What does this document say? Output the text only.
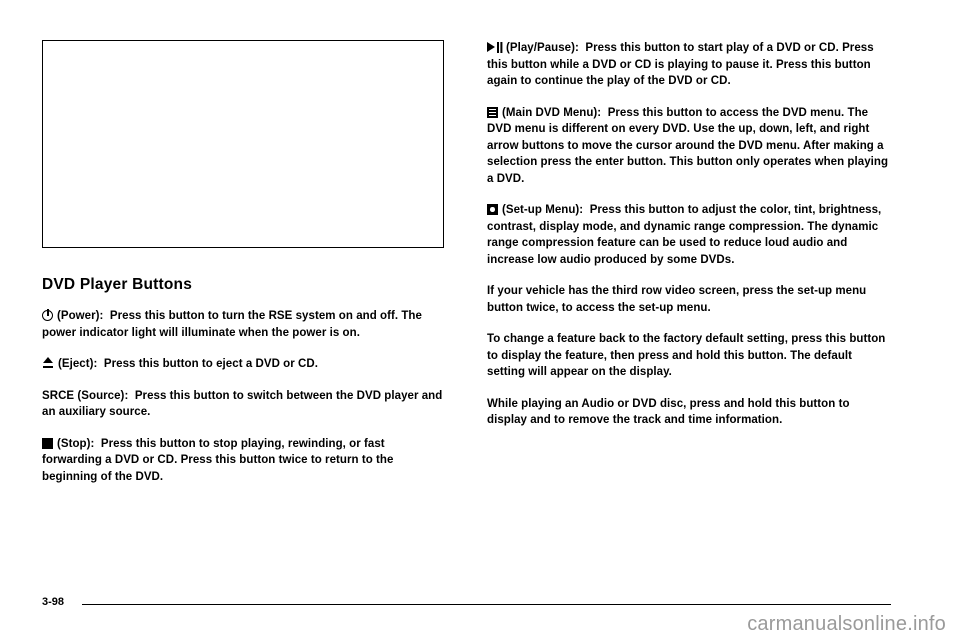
DVD Player Buttons

(Power): Press this button to turn the RSE system on and off. The power indicator light will illuminate when the power is on.

(Eject): Press this button to eject a DVD or CD.

SRCE (Source): Press this button to switch between the DVD player and an auxiliary source.

(Stop): Press this button to stop playing, rewinding, or fast forwarding a DVD or CD. Press this button twice to return to the beginning of the DVD.

(Play/Pause): Press this button to start play of a DVD or CD. Press this button while a DVD or CD is playing to pause it. Press this button again to continue the play of the DVD or CD.

(Main DVD Menu): Press this button to access the DVD menu. The DVD menu is different on every DVD. Use the up, down, left, and right arrow buttons to move the cursor around the DVD menu. After making a selection press the enter button. This button only operates when playing a DVD.

(Set-up Menu): Press this button to adjust the color, tint, brightness, contrast, display mode, and dynamic range compression. The dynamic range compression feature can be used to reduce loud audio and increase low audio produced by some DVDs.

If your vehicle has the third row video screen, press the set-up menu button twice, to access the set-up menu.

To change a feature back to the factory default setting, press this button to display the feature, then press and hold this button. The default setting will appear on the display.

While playing an Audio or DVD disc, press and hold this button to display and to remove the track and time information.

3-98
carmanualsonline.info
